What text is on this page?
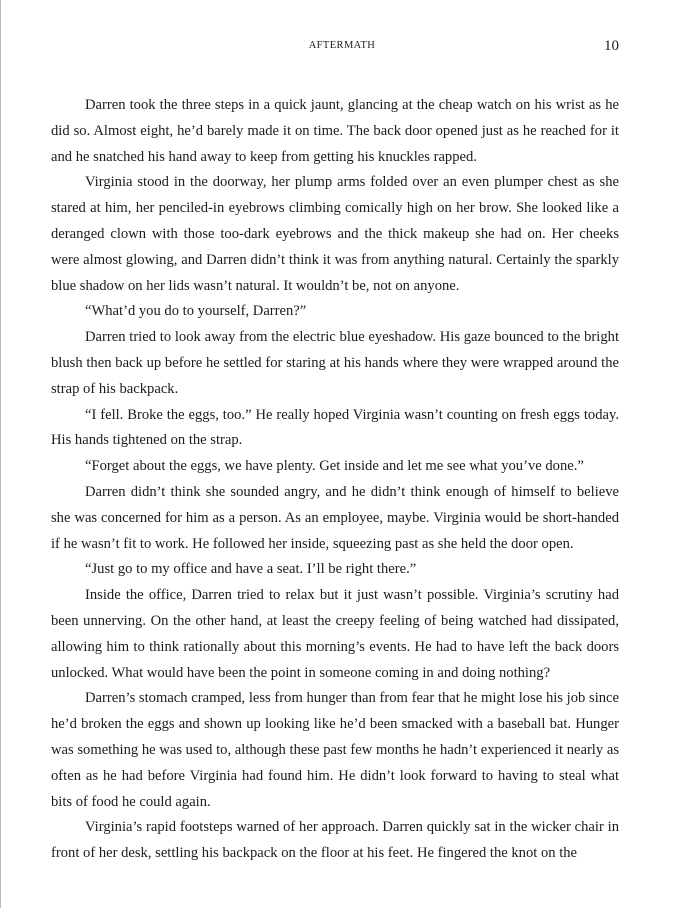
AFTERMATH	10

Darren took the three steps in a quick jaunt, glancing at the cheap watch on his wrist as he did so. Almost eight, he’d barely made it on time. The back door opened just as he reached for it and he snatched his hand away to keep from getting his knuckles rapped.

Virginia stood in the doorway, her plump arms folded over an even plumper chest as she stared at him, her penciled-in eyebrows climbing comically high on her brow. She looked like a deranged clown with those too-dark eyebrows and the thick makeup she had on. Her cheeks were almost glowing, and Darren didn’t think it was from anything natural. Certainly the sparkly blue shadow on her lids wasn’t natural. It wouldn’t be, not on anyone.

“What’d you do to yourself, Darren?”

Darren tried to look away from the electric blue eyeshadow. His gaze bounced to the bright blush then back up before he settled for staring at his hands where they were wrapped around the strap of his backpack.

“I fell. Broke the eggs, too.” He really hoped Virginia wasn’t counting on fresh eggs today. His hands tightened on the strap.

“Forget about the eggs, we have plenty. Get inside and let me see what you’ve done.”

Darren didn’t think she sounded angry, and he didn’t think enough of himself to believe she was concerned for him as a person. As an employee, maybe. Virginia would be short-handed if he wasn’t fit to work. He followed her inside, squeezing past as she held the door open.

“Just go to my office and have a seat. I’ll be right there.”

Inside the office, Darren tried to relax but it just wasn’t possible. Virginia’s scrutiny had been unnerving. On the other hand, at least the creepy feeling of being watched had dissipated, allowing him to think rationally about this morning’s events. He had to have left the back doors unlocked. What would have been the point in someone coming in and doing nothing?

Darren’s stomach cramped, less from hunger than from fear that he might lose his job since he’d broken the eggs and shown up looking like he’d been smacked with a baseball bat. Hunger was something he was used to, although these past few months he hadn’t experienced it nearly as often as he had before Virginia had found him. He didn’t look forward to having to steal what bits of food he could again.

Virginia’s rapid footsteps warned of her approach. Darren quickly sat in the wicker chair in front of her desk, settling his backpack on the floor at his feet. He fingered the knot on the
